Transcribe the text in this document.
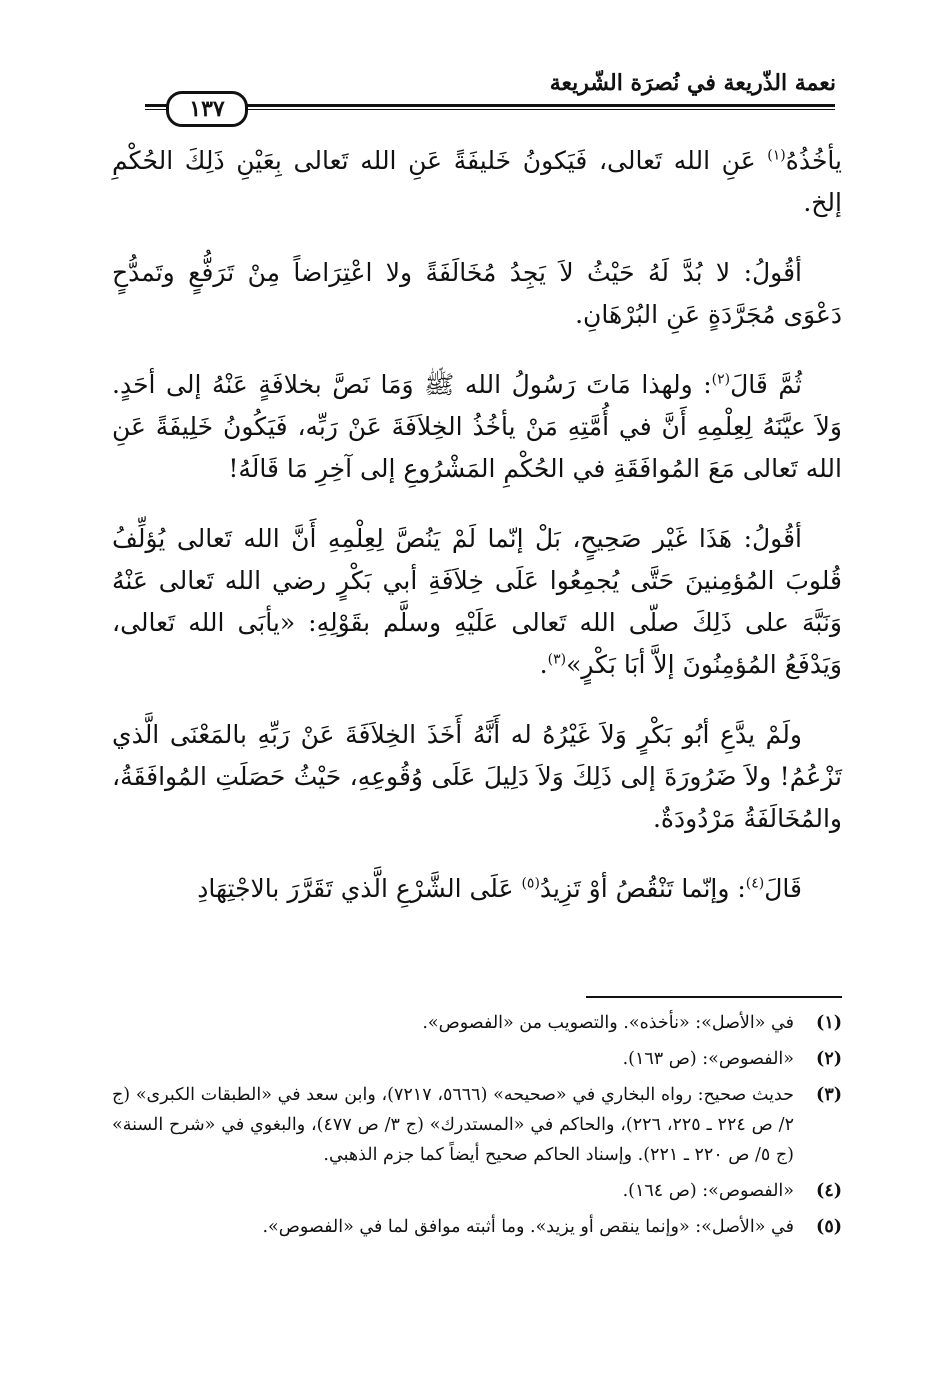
نعمة الذّريعة في نُصرَة الشّريعة
١٣٧

يأخُذُهُ$^{(١)}$ عَنِ الله تَعالى، فَيَكونُ خَليفَةً عَنِ الله تَعالى بِعَيْنِ ذَلِكَ الحُكْمِ إلخ.

أقُولُ: لا بُدَّ لَهُ حَيْثُ لاَ يَجِدُ مُخَالَفَةً ولا اعْتِرَاضاً مِنْ تَرَفُّعٍ وتَمدُّحٍ دَعْوَى مُجَرَّدَةٍ عَنِ البُرْهَانِ.

ثُمَّ قَالَ$^{(٢)}$: ولهذا مَاتَ رَسُولُ الله ﷺ وَمَا نَصَّ بخلافَةٍ عَنْهُ إلى أحَدٍ. وَلاَ عيَّنَهُ لِعِلْمِهِ أَنَّ في أُمَّتِهِ مَنْ يأخُذُ الخِلاَفَةَ عَنْ رَبِّه، فَيَكُونُ خَلِيفَةً عَنِ الله تَعالى مَعَ المُوافَقَةِ في الحُكْمِ المَشْرُوعِ إلى آخِرِ مَا قَالَهُ!

أقُولُ: هَذَا غَيْر صَحِيحٍ، بَلْ إنّما لَمْ يَنُصَّ لِعِلْمِهِ أَنَّ الله تَعالى يُؤلِّفُ قُلوبَ المُؤمِنينَ حَتَّى يُجمِعُوا عَلَى خِلاَفَةِ أبي بَكْرٍ رضي الله تَعالى عَنْهُ وَنَبَّهَ على ذَلِكَ صلّى الله تَعالى عَلَيْهِ وسلَّم بقَوْلِهِ: «يأبَى الله تَعالى، وَيَدْفَعُ المُؤمِنُونَ إلاَّ أبَا بَكْرٍ»$^{(٣)}$.

ولَمْ يدَّعِ أبُو بَكْرٍ وَلاَ غَيْرُهُ له أَنَّهُ أَخَذَ الخِلاَفَةَ عَنْ رَبِّهِ بالمَعْنَى الَّذي تَزْعُمُ! ولاَ ضَرُورَةَ إلى ذَلِكَ وَلاَ دَلِيلَ عَلَى وُقُوعِهِ، حَيْثُ حَصَلَتِ المُوافَقَةُ، والمُخَالَفَةُ مَرْدُودَةٌ.

قَالَ$^{(٤)}$: وإنّما تَنْقُصُ أوْ تَزِيدُ$^{(٥)}$ عَلَى الشَّرْعِ الَّذي تَقَرَّرَ بالاجْتِهَادِ

(١)
في «الأصل»: «نأخذه». والتصويب من «الفصوص».
(٢)
«الفصوص»: (ص ١٦٣).
(٣)
حديث صحيح: رواه البخاري في «صحيحه» (٥٦٦٦، ٧٢١٧)، وابن سعد في «الطبقات الكبرى» (ج ٢/ ص ٢٢٤ ـ ٢٢٥، ٢٢٦)، والحاكم في «المستدرك» (ج ٣/ ص ٤٧٧)، والبغوي في «شرح السنة» (ج ٥/ ص ٢٢٠ ـ ٢٢١). وإسناد الحاكم صحيح أيضاً كما جزم الذهبي.
(٤)
«الفصوص»: (ص ١٦٤).
(٥)
في «الأصل»: «وإنما ينقص أو يزيد». وما أثبته موافق لما في «الفصوص».
